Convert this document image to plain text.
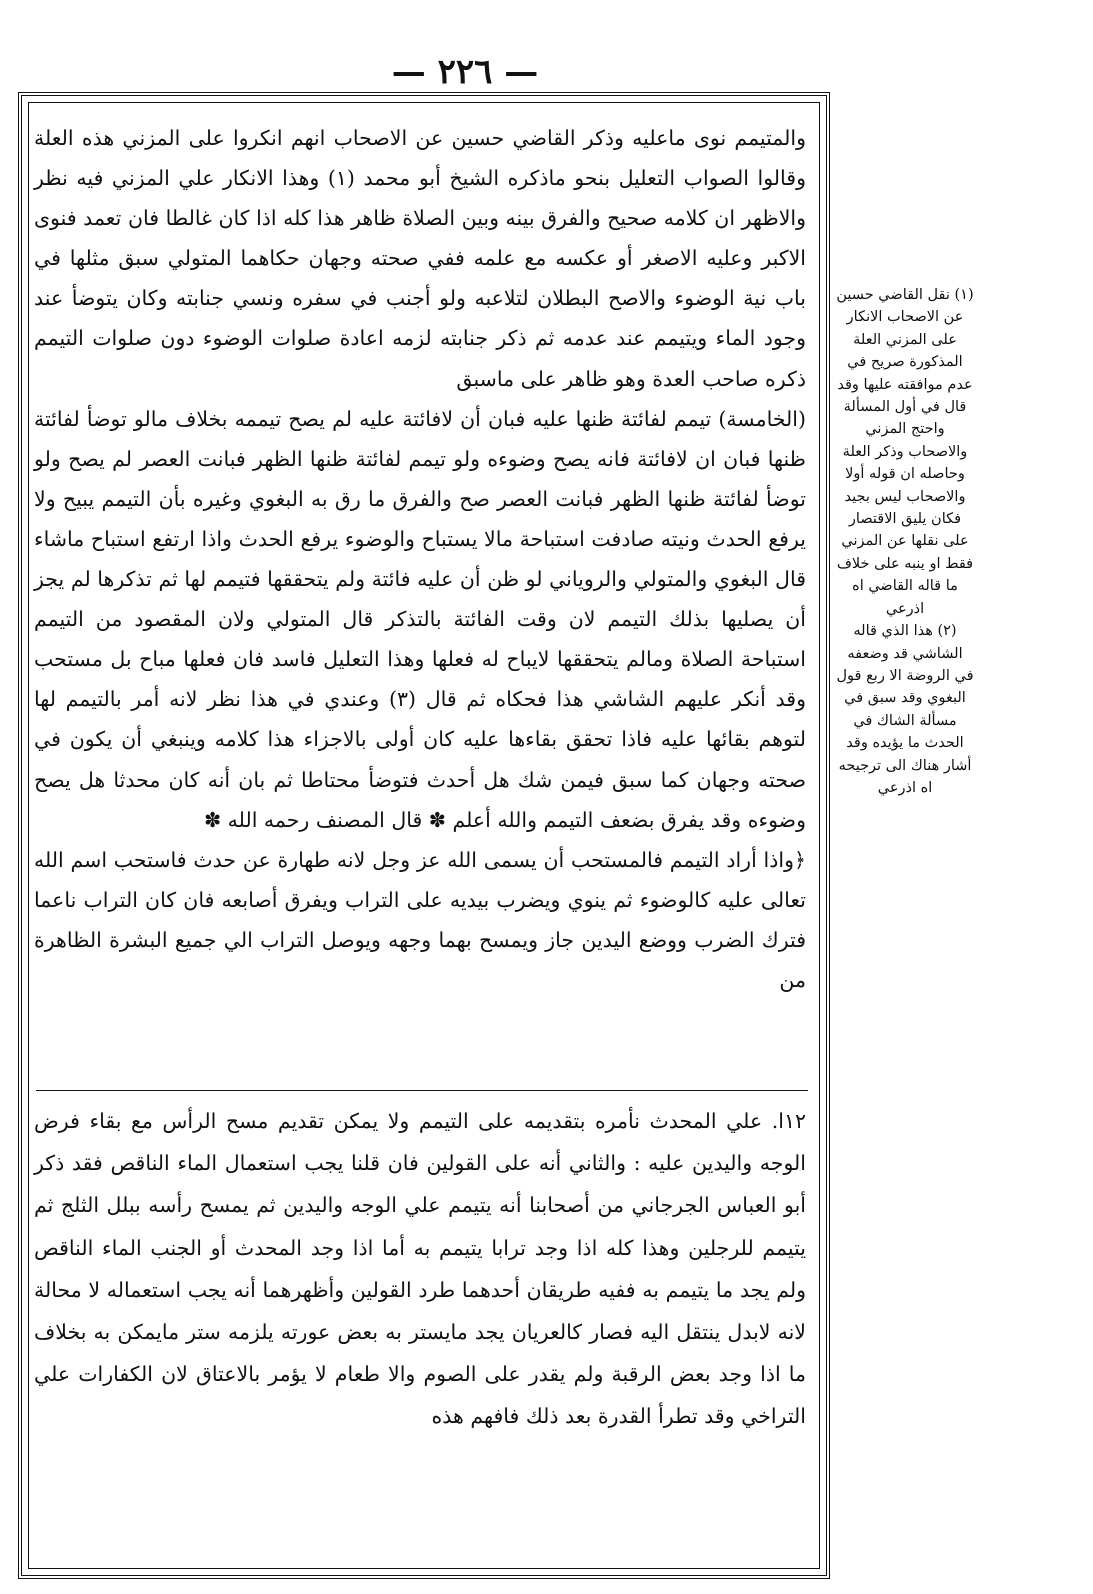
— ٢٢٦ —

والمتيمم نوى ماعليه وذكر القاضي حسين عن الاصحاب انهم انكروا على المزني هذه العلة وقالوا الصواب التعليل بنحو ماذكره الشيخ أبو محمد (١) وهذا الانكار علي المزني فيه نظر والاظهر ان كلامه صحيح والفرق بينه وبين الصلاة ظاهر هذا كله اذا كان غالطا فان تعمد فنوى الاكبر وعليه الاصغر أو عكسه مع علمه ففي صحته وجهان حكاهما المتولي سبق مثلها في باب نية الوضوء والاصح البطلان لتلاعبه ولو أجنب في سفره ونسي جنابته وكان يتوضأ عند وجود الماء ويتيمم عند عدمه ثم ذكر جنابته لزمه اعادة صلوات الوضوء دون صلوات التيمم ذكره صاحب العدة وهو ظاهر على ماسبق

(الخامسة) تيمم لفائتة ظنها عليه فبان أن لافائتة عليه لم يصح تيممه بخلاف مالو توضأ لفائتة ظنها فبان ان لافائتة فانه يصح وضوءه ولو تيمم لفائتة ظنها الظهر فبانت العصر لم يصح ولو توضأ لفائتة ظنها الظهر فبانت العصر صح والفرق ما رق به البغوي وغيره بأن التيمم يبيح ولا يرفع الحدث ونيته صادفت استباحة مالا يستباح والوضوء يرفع الحدث واذا ارتفع استباح ماشاء قال البغوي والمتولي والروياني لو ظن أن عليه فائتة ولم يتحققها فتيمم لها ثم تذكرها لم يجز أن يصليها بذلك التيمم لان وقت الفائتة بالتذكر قال المتولي ولان المقصود من التيمم استباحة الصلاة ومالم يتحققها لايباح له فعلها وهذا التعليل فاسد فان فعلها مباح بل مستحب وقد أنكر عليهم الشاشي هذا فحكاه ثم قال (٣) وعندي في هذا نظر لانه أمر بالتيمم لها لتوهم بقائها عليه فاذا تحقق بقاءها عليه كان أولى بالاجزاء هذا كلامه وينبغي أن يكون في صحته وجهان كما سبق فيمن شك هل أحدث فتوضأ محتاطا ثم بان أنه كان محدثا هل يصح وضوءه وقد يفرق بضعف التيمم والله أعلم ✽ قال المصنف رحمه الله ✽

﴿واذا أراد التيمم فالمستحب أن يسمى الله عز وجل لانه طهارة عن حدث فاستحب اسم الله تعالى عليه كالوضوء ثم ينوي ويضرب بيديه على التراب ويفرق أصابعه فان كان التراب ناعما فترك الضرب ووضع اليدين جاز ويمسح بهما وجهه ويوصل التراب الي جميع البشرة الظاهرة من

١٢ا. علي المحدث نأمره بتقديمه على التيمم ولا يمكن تقديم مسح الرأس مع بقاء فرض الوجه واليدين عليه : والثاني أنه على القولين فان قلنا يجب استعمال الماء الناقص فقد ذكر أبو العباس الجرجاني من أصحابنا أنه يتيمم علي الوجه واليدين ثم يمسح رأسه ببلل الثلج ثم يتيمم للرجلين وهذا كله اذا وجد ترابا يتيمم به أما اذا وجد المحدث أو الجنب الماء الناقص ولم يجد ما يتيمم به ففيه طريقان أحدهما طرد القولين وأظهرهما أنه يجب استعماله لا محالة لانه لابدل ينتقل اليه فصار كالعريان يجد مايستر به بعض عورته يلزمه ستر مايمكن به بخلاف ما اذا وجد بعض الرقبة ولم يقدر على الصوم والا طعام لا يؤمر بالاعتاق لان الكفارات علي التراخي وقد تطرأ القدرة بعد ذلك فافهم هذه

(١) نقل القاضي حسين عن الاصحاب الانكار على المزني العلة المذكورة صريح في عدم موافقته عليها وقد قال في أول المسألة واحتج المزني والاصحاب وذكر العلة وحاصله ان قوله أولا والاصحاب ليس بجيد فكان يليق الاقتصار على نقلها عن المزني فقط او ينبه على خلاف ما قاله القاضي اه اذرعي

(٢) هذا الذي قاله الشاشي قد وضعفه في الروضة الا ربع قول البغوي وقد سبق في مسألة الشاك في الحدث ما يؤيده وقد أشار هناك الى ترجيحه اه اذرعي
